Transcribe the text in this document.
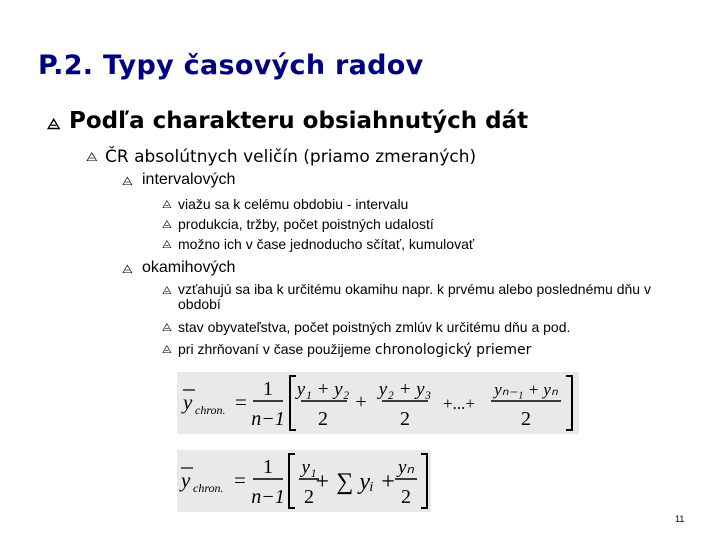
P.2. Typy časových radov
⨺ Podľa charakteru obsiahnutých dát
⨺ ČR absolútnych veličín (priamo zmeraných)
⨺ intervalových
⨺ viažu sa k celému obdobiu - intervalu
⨺ produkcia, tržby, počet poistných udalostí
⨺ možno ich v čase jednoducho sčítať, kumulovať
⨺ okamihových
⨺ vzťahujú sa iba k určitému okamihu napr. k prvému alebo poslednému dňu v období
⨺ stav obyvateľstva, počet poistných zmlúv k určitému dňu a pod.
⨺ pri zhrňovaní v čase použijeme chronologický priemer
y chron. =
1
n−1
y₁ + y₂
2
+
y₂ + y₃
2
+...+
yₙ₋₁ + yₙ
2
y chron. =
1
n−1
y₁
2
+ ∑ yᵢ +
yₙ
2
11
